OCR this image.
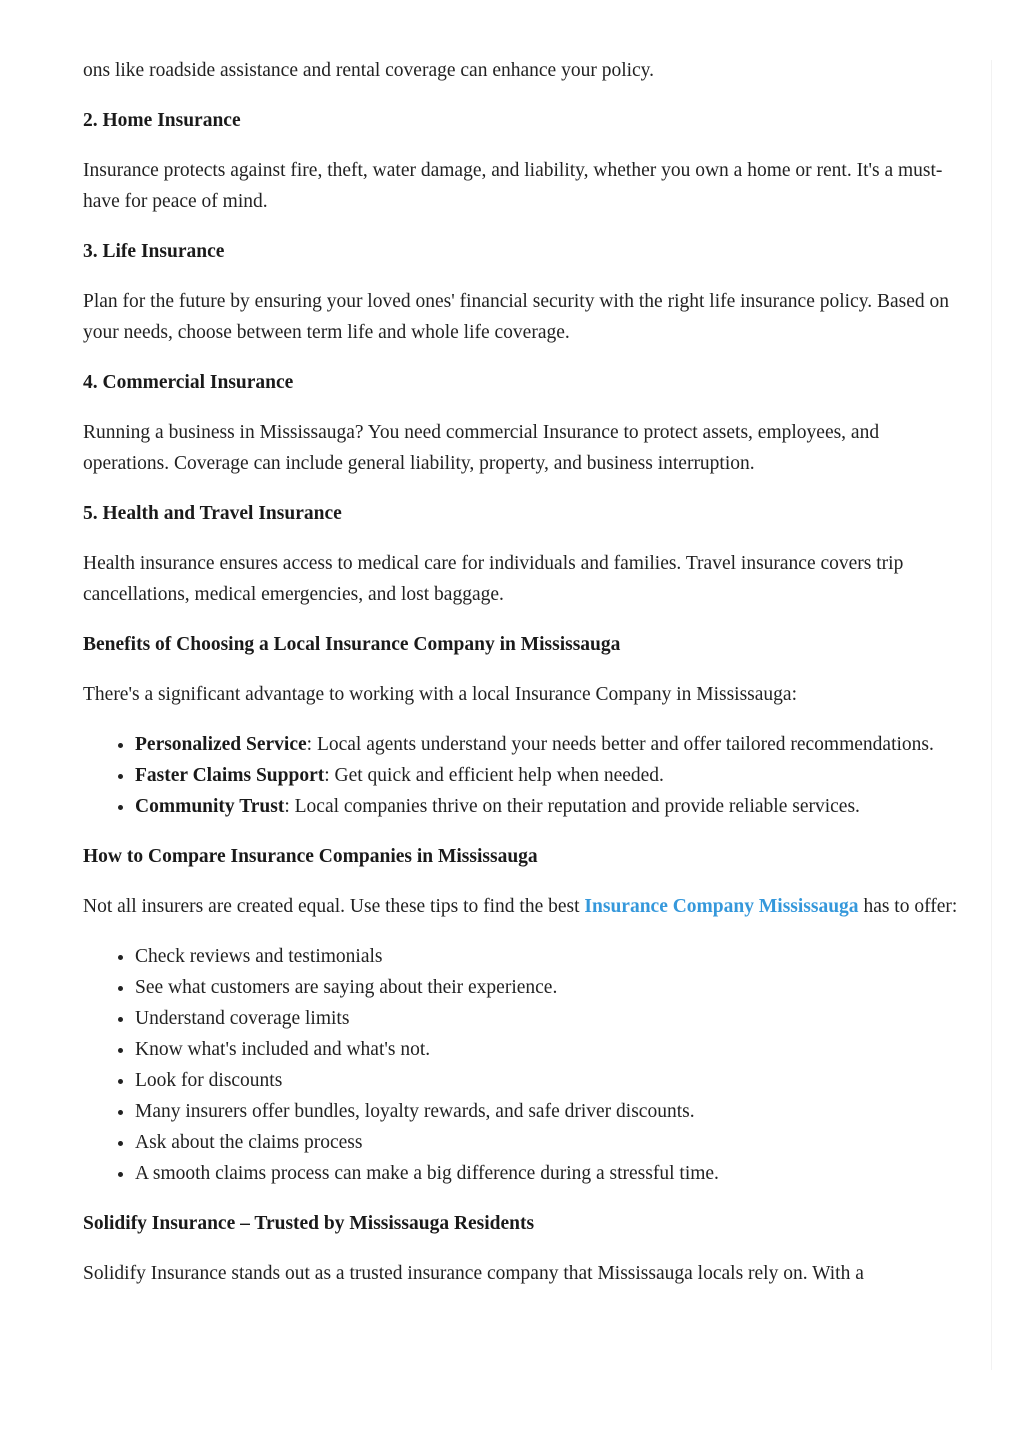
ons like roadside assistance and rental coverage can enhance your policy.

2. Home Insurance

Insurance protects against fire, theft, water damage, and liability, whether you own a home or rent. It's a must-have for peace of mind.

3. Life Insurance

Plan for the future by ensuring your loved ones' financial security with the right life insurance policy. Based on your needs, choose between term life and whole life coverage.

4. Commercial Insurance

Running a business in Mississauga? You need commercial Insurance to protect assets, employees, and operations. Coverage can include general liability, property, and business interruption.

5. Health and Travel Insurance

Health insurance ensures access to medical care for individuals and families. Travel insurance covers trip cancellations, medical emergencies, and lost baggage.

Benefits of Choosing a Local Insurance Company in Mississauga

There's a significant advantage to working with a local Insurance Company in Mississauga:

• Personalized Service: Local agents understand your needs better and offer tailored recommendations.
• Faster Claims Support: Get quick and efficient help when needed.
• Community Trust: Local companies thrive on their reputation and provide reliable services.
How to Compare Insurance Companies in Mississauga

Not all insurers are created equal. Use these tips to find the best Insurance Company Mississauga has to offer:

• Check reviews and testimonials
• See what customers are saying about their experience.
• Understand coverage limits
• Know what's included and what's not.
• Look for discounts
• Many insurers offer bundles, loyalty rewards, and safe driver discounts.
• Ask about the claims process
• A smooth claims process can make a big difference during a stressful time.
Solidify Insurance – Trusted by Mississauga Residents

Solidify Insurance stands out as a trusted insurance company that Mississauga locals rely on. With a
